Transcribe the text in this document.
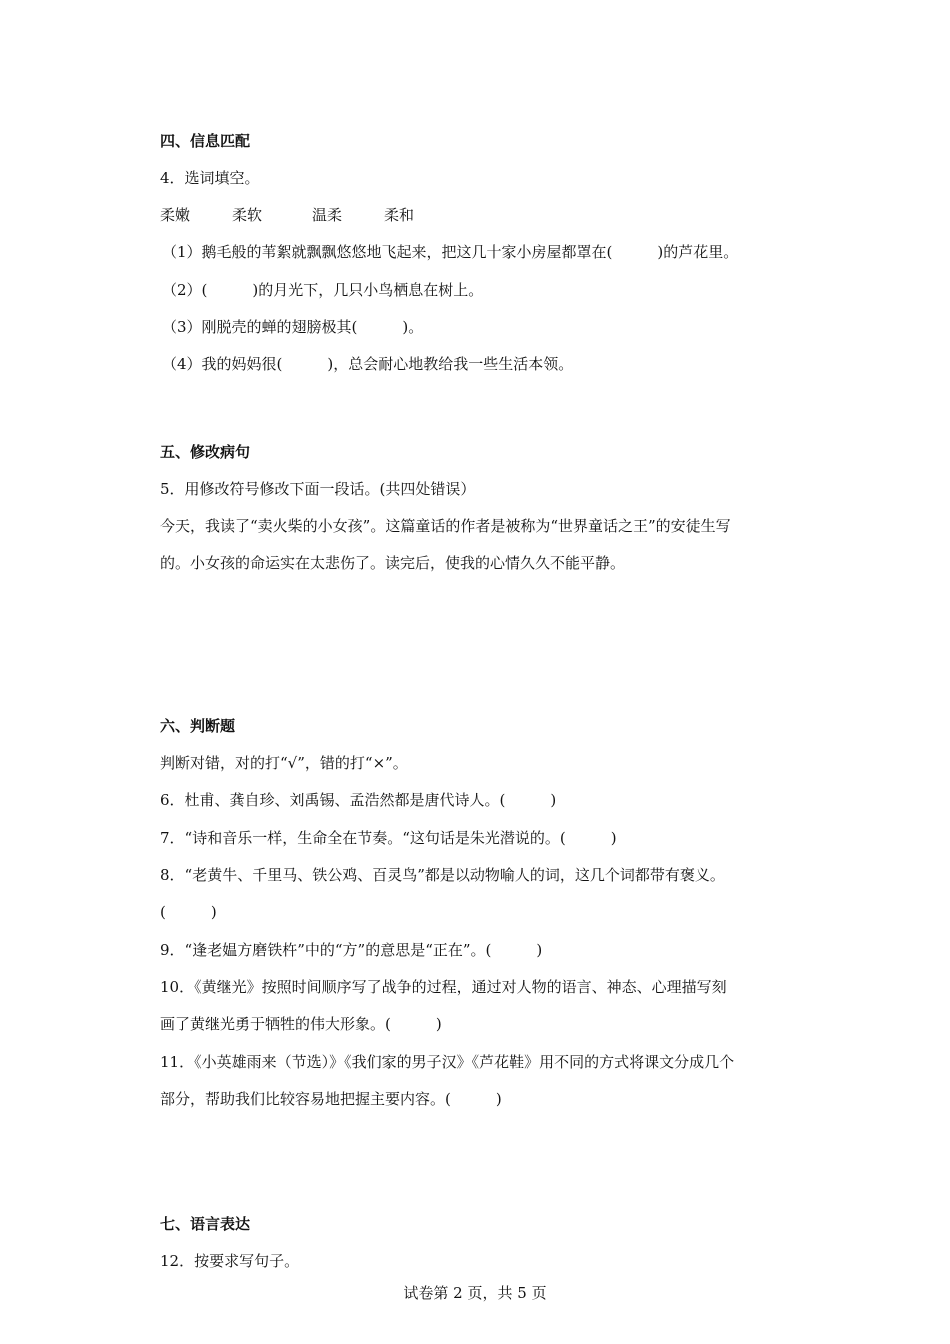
四、信息匹配
4．选词填空。
柔嫩	柔软	温柔	柔和
（1）鹅毛般的苇絮就飘飘悠悠地飞起来，把这几十家小房屋都罩在(　　　)的芦花里。
（2）(　　　)的月光下，几只小鸟栖息在树上。
（3）刚脱壳的蝉的翅膀极其(　　　)。
（4）我的妈妈很(　　　)，总会耐心地教给我一些生活本领。
五、修改病句
5．用修改符号修改下面一段话。(共四处错误）
今天，我读了“卖火柴的小女孩”。这篇童话的作者是被称为“世界童话之王”的安徒生写
的。小女孩的命运实在太悲伤了。读完后，使我的心情久久不能平静。
六、判断题
判断对错，对的打“√”，错的打“×”。
6．杜甫、龚自珍、刘禹锡、孟浩然都是唐代诗人。(　　　)
7．“诗和音乐一样，生命全在节奏。“这句话是朱光潜说的。(　　　)
8．“老黄牛、千里马、铁公鸡、百灵鸟”都是以动物喻人的词，这几个词都带有褒义。
(　　　)
9．“逢老媪方磨铁杵”中的“方”的意思是“正在”。(　　　)
10．《黄继光》按照时间顺序写了战争的过程，通过对人物的语言、神态、心理描写刻
画了黄继光勇于牺牲的伟大形象。(　　　)
11．《小英雄雨来（节选）》《我们家的男子汉》《芦花鞋》用不同的方式将课文分成几个
部分，帮助我们比较容易地把握主要内容。(　　　)
七、语言表达
12．按要求写句子。
试卷第 2 页，共 5 页
